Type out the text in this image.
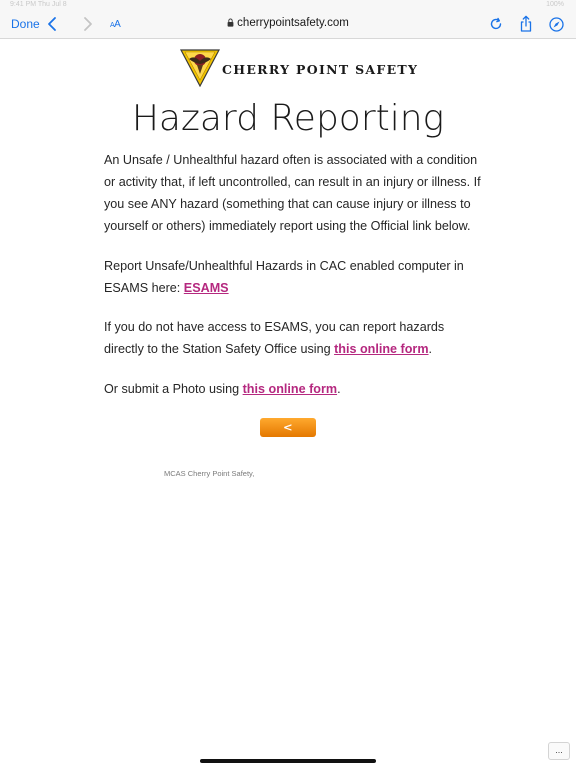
9:41 PM Thu Jul 8	100%
Done	AA	cherrypointsafety.com
CHERRY POINT SAFETY
Hazard Reporting

An Unsafe / Unhealthful hazard often is associated with a condition or activity that, if left uncontrolled, can result in an injury or illness. If you see ANY hazard (something that can cause injury or illness to yourself or others) immediately report using the Official link below.

Report Unsafe/Unhealthful Hazards in CAC enabled computer in ESAMS here: ESAMS

If you do not have access to ESAMS, you can report hazards directly to the Station Safety Office using this online form.

Or submit a Photo using this online form.

< HOME
MCAS Cherry Point Safety,
...
